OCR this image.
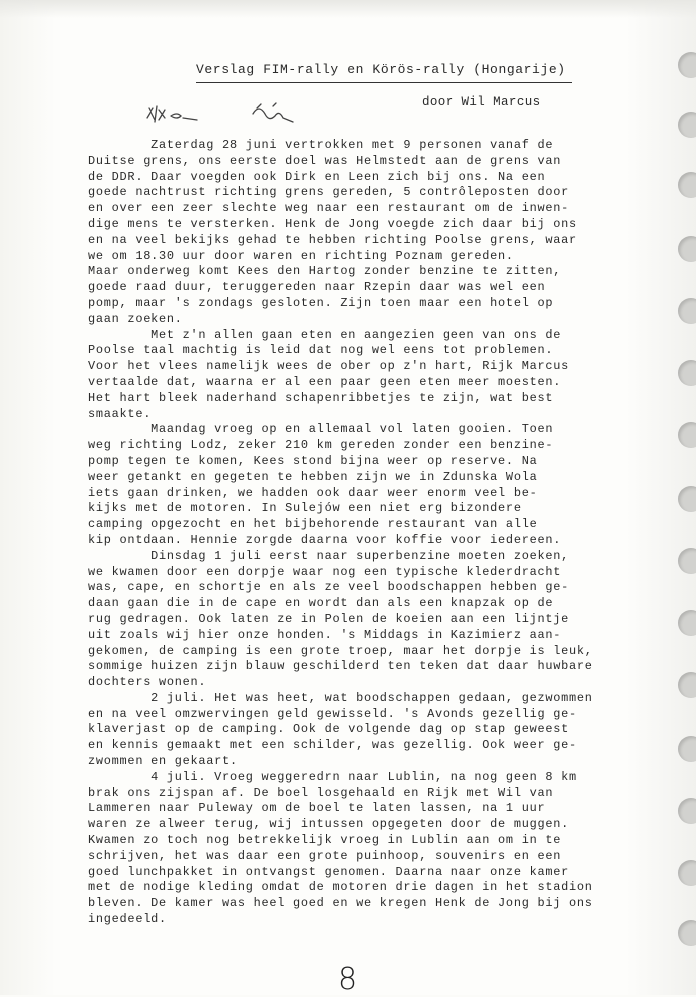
Verslag FIM-rally en Körös-rally (Hongarije)
door Wil Marcus
Zaterdag 28 juni vertrokken met 9 personen vanaf de
Duitse grens, ons eerste doel was Helmstedt aan de grens van
de DDR. Daar voegden ook Dirk en Leen zich bij ons. Na een
goede nachtrust richting grens gereden, 5 contrôleposten door
en over een zeer slechte weg naar een restaurant om de inwen-
dige mens te versterken. Henk de Jong voegde zich daar bij ons
en na veel bekijks gehad te hebben richting Poolse grens, waar
we om 18.30 uur door waren en richting Poznam gereden.
Maar onderweg komt Kees den Hartog zonder benzine te zitten,
goede raad duur, teruggereden naar Rzepin daar was wel een
pomp, maar 's zondags gesloten. Zijn toen maar een hotel op
gaan zoeken.
Met z'n allen gaan eten en aangezien geen van ons de
Poolse taal machtig is leid dat nog wel eens tot problemen.
Voor het vlees namelijk wees de ober op z'n hart, Rijk Marcus
vertaalde dat, waarna er al een paar geen eten meer moesten.
Het hart bleek naderhand schapenribbetjes te zijn, wat best
smaakte.
Maandag vroeg op en allemaal vol laten gooien. Toen
weg richting Lodz, zeker 210 km gereden zonder een benzine-
pomp tegen te komen, Kees stond bijna weer op reserve. Na
weer getankt en gegeten te hebben zijn we in Zdunska Wola
iets gaan drinken, we hadden ook daar weer enorm veel be-
kijks met de motoren. In Sulejów een niet erg bizondere
camping opgezocht en het bijbehorende restaurant van alle
kip ontdaan. Hennie zorgde daarna voor koffie voor iedereen.
Dinsdag 1 juli eerst naar superbenzine moeten zoeken,
we kwamen door een dorpje waar nog een typische klederdracht
was, cape, en schortje en als ze veel boodschappen hebben ge-
daan gaan die in de cape en wordt dan als een knapzak op de
rug gedragen. Ook laten ze in Polen de koeien aan een lijntje
uit zoals wij hier onze honden. 's Middags in Kazimierz aan-
gekomen, de camping is een grote troep, maar het dorpje is leuk,
sommige huizen zijn blauw geschilderd ten teken dat daar huwbare
dochters wonen.
2 juli. Het was heet, wat boodschappen gedaan, gezwommen
en na veel omzwervingen geld gewisseld. 's Avonds gezellig ge-
klaverjast op de camping. Ook de volgende dag op stap geweest
en kennis gemaakt met een schilder, was gezellig. Ook weer ge-
zwommen en gekaart.
4 juli. Vroeg weggeredrn naar Lublin, na nog geen 8 km
brak ons zijspan af. De boel losgehaald en Rijk met Wil van
Lammeren naar Puleway om de boel te laten lassen, na 1 uur
waren ze alweer terug, wij intussen opgegeten door de muggen.
Kwamen zo toch nog betrekkelijk vroeg in Lublin aan om in te
schrijven, het was daar een grote puinhoop, souvenirs en een
goed lunchpakket in ontvangst genomen. Daarna naar onze kamer
met de nodige kleding omdat de motoren drie dagen in het stadion
bleven. De kamer was heel goed en we kregen Henk de Jong bij ons
ingedeeld.
8
